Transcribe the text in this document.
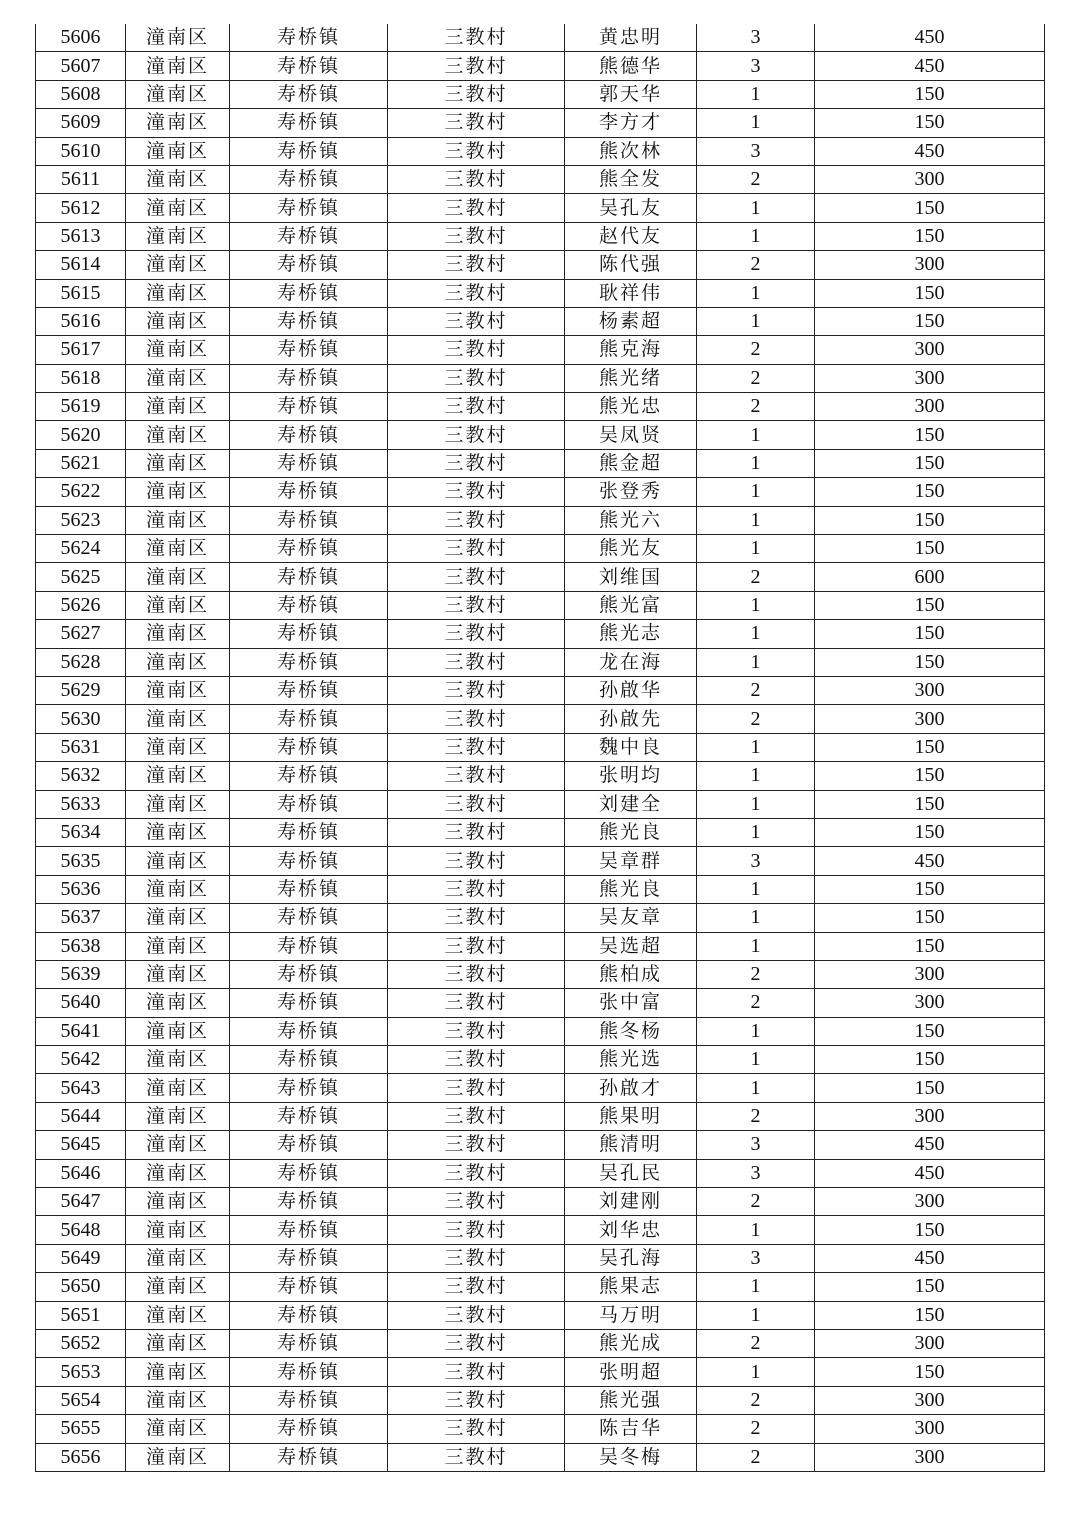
5606	潼南区	寿桥镇	三教村	黄忠明	3	450
5607	潼南区	寿桥镇	三教村	熊德华	3	450
5608	潼南区	寿桥镇	三教村	郭天华	1	150
5609	潼南区	寿桥镇	三教村	李方才	1	150
5610	潼南区	寿桥镇	三教村	熊次林	3	450
5611	潼南区	寿桥镇	三教村	熊全发	2	300
5612	潼南区	寿桥镇	三教村	吴孔友	1	150
5613	潼南区	寿桥镇	三教村	赵代友	1	150
5614	潼南区	寿桥镇	三教村	陈代强	2	300
5615	潼南区	寿桥镇	三教村	耿祥伟	1	150
5616	潼南区	寿桥镇	三教村	杨素超	1	150
5617	潼南区	寿桥镇	三教村	熊克海	2	300
5618	潼南区	寿桥镇	三教村	熊光绪	2	300
5619	潼南区	寿桥镇	三教村	熊光忠	2	300
5620	潼南区	寿桥镇	三教村	吴凤贤	1	150
5621	潼南区	寿桥镇	三教村	熊金超	1	150
5622	潼南区	寿桥镇	三教村	张登秀	1	150
5623	潼南区	寿桥镇	三教村	熊光六	1	150
5624	潼南区	寿桥镇	三教村	熊光友	1	150
5625	潼南区	寿桥镇	三教村	刘维国	2	600
5626	潼南区	寿桥镇	三教村	熊光富	1	150
5627	潼南区	寿桥镇	三教村	熊光志	1	150
5628	潼南区	寿桥镇	三教村	龙在海	1	150
5629	潼南区	寿桥镇	三教村	孙啟华	2	300
5630	潼南区	寿桥镇	三教村	孙啟先	2	300
5631	潼南区	寿桥镇	三教村	魏中良	1	150
5632	潼南区	寿桥镇	三教村	张明均	1	150
5633	潼南区	寿桥镇	三教村	刘建全	1	150
5634	潼南区	寿桥镇	三教村	熊光良	1	150
5635	潼南区	寿桥镇	三教村	吴章群	3	450
5636	潼南区	寿桥镇	三教村	熊光良	1	150
5637	潼南区	寿桥镇	三教村	吴友章	1	150
5638	潼南区	寿桥镇	三教村	吴选超	1	150
5639	潼南区	寿桥镇	三教村	熊柏成	2	300
5640	潼南区	寿桥镇	三教村	张中富	2	300
5641	潼南区	寿桥镇	三教村	熊冬杨	1	150
5642	潼南区	寿桥镇	三教村	熊光选	1	150
5643	潼南区	寿桥镇	三教村	孙啟才	1	150
5644	潼南区	寿桥镇	三教村	熊果明	2	300
5645	潼南区	寿桥镇	三教村	熊清明	3	450
5646	潼南区	寿桥镇	三教村	吴孔民	3	450
5647	潼南区	寿桥镇	三教村	刘建刚	2	300
5648	潼南区	寿桥镇	三教村	刘华忠	1	150
5649	潼南区	寿桥镇	三教村	吴孔海	3	450
5650	潼南区	寿桥镇	三教村	熊果志	1	150
5651	潼南区	寿桥镇	三教村	马万明	1	150
5652	潼南区	寿桥镇	三教村	熊光成	2	300
5653	潼南区	寿桥镇	三教村	张明超	1	150
5654	潼南区	寿桥镇	三教村	熊光强	2	300
5655	潼南区	寿桥镇	三教村	陈吉华	2	300
5656	潼南区	寿桥镇	三教村	吴冬梅	2	300
